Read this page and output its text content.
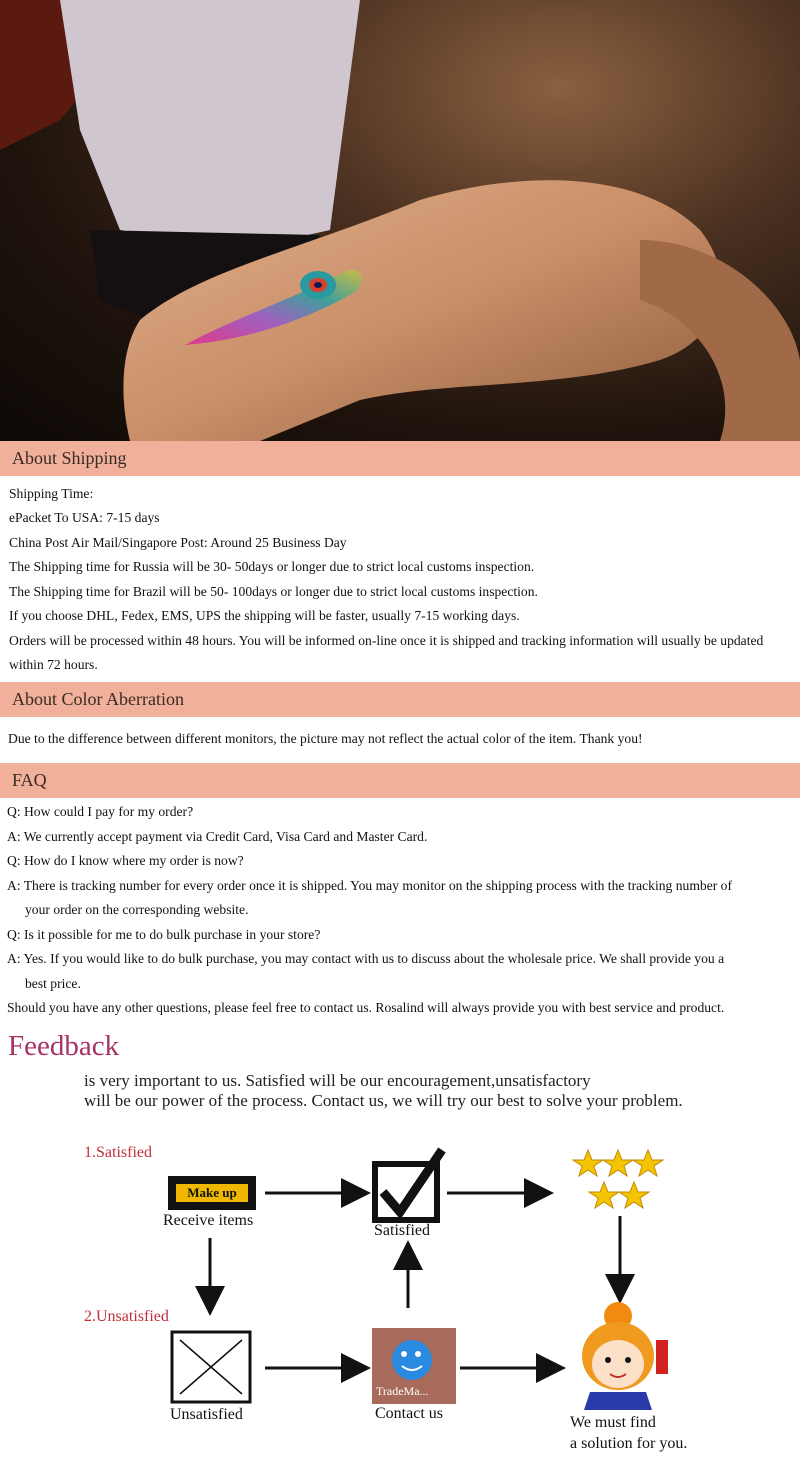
About Shipping
Shipping Time:
ePacket To USA: 7-15 days
China Post Air Mail/Singapore Post: Around 25 Business Day
The Shipping time for Russia will be 30- 50days or longer due to strict local customs inspection.
The Shipping time for Brazil will be 50- 100days or longer due to strict local customs inspection.
If you choose DHL, Fedex, EMS, UPS the shipping will be faster, usually 7-15 working days.
Orders will be processed within 48 hours. You will be informed on-line once it is shipped and tracking information will usually be updated
within 72 hours.
About Color Aberration
Due to the difference between different monitors, the picture may not reflect the actual color of the item. Thank you!
FAQ
Q: How could I pay for my order?
A: We currently accept payment via Credit Card, Visa Card and Master Card.
Q: How do I know where my order is now?
A: There is tracking number for every order once it is shipped. You may monitor on the shipping process with the tracking number of
your order on the corresponding website.
Q: Is it possible for me to do bulk purchase in your store?
A: Yes. If you would like to do bulk purchase, you may contact with us to discuss about the wholesale price. We shall provide you a
best price.
Should you have any other questions, please feel free to contact us. Rosalind will always provide you with best service and product.
Feedback
is very important to us. Satisfied will be our encouragement,unsatisfactory
will be our power of the process. Contact us, we will try our best to solve your problem.
1.Satisfied
2.Unsatisfied
Make up
Receive items
Satisfied
Unsatisfied
TradeMa...
Contact us
We must find
a solution for you.
